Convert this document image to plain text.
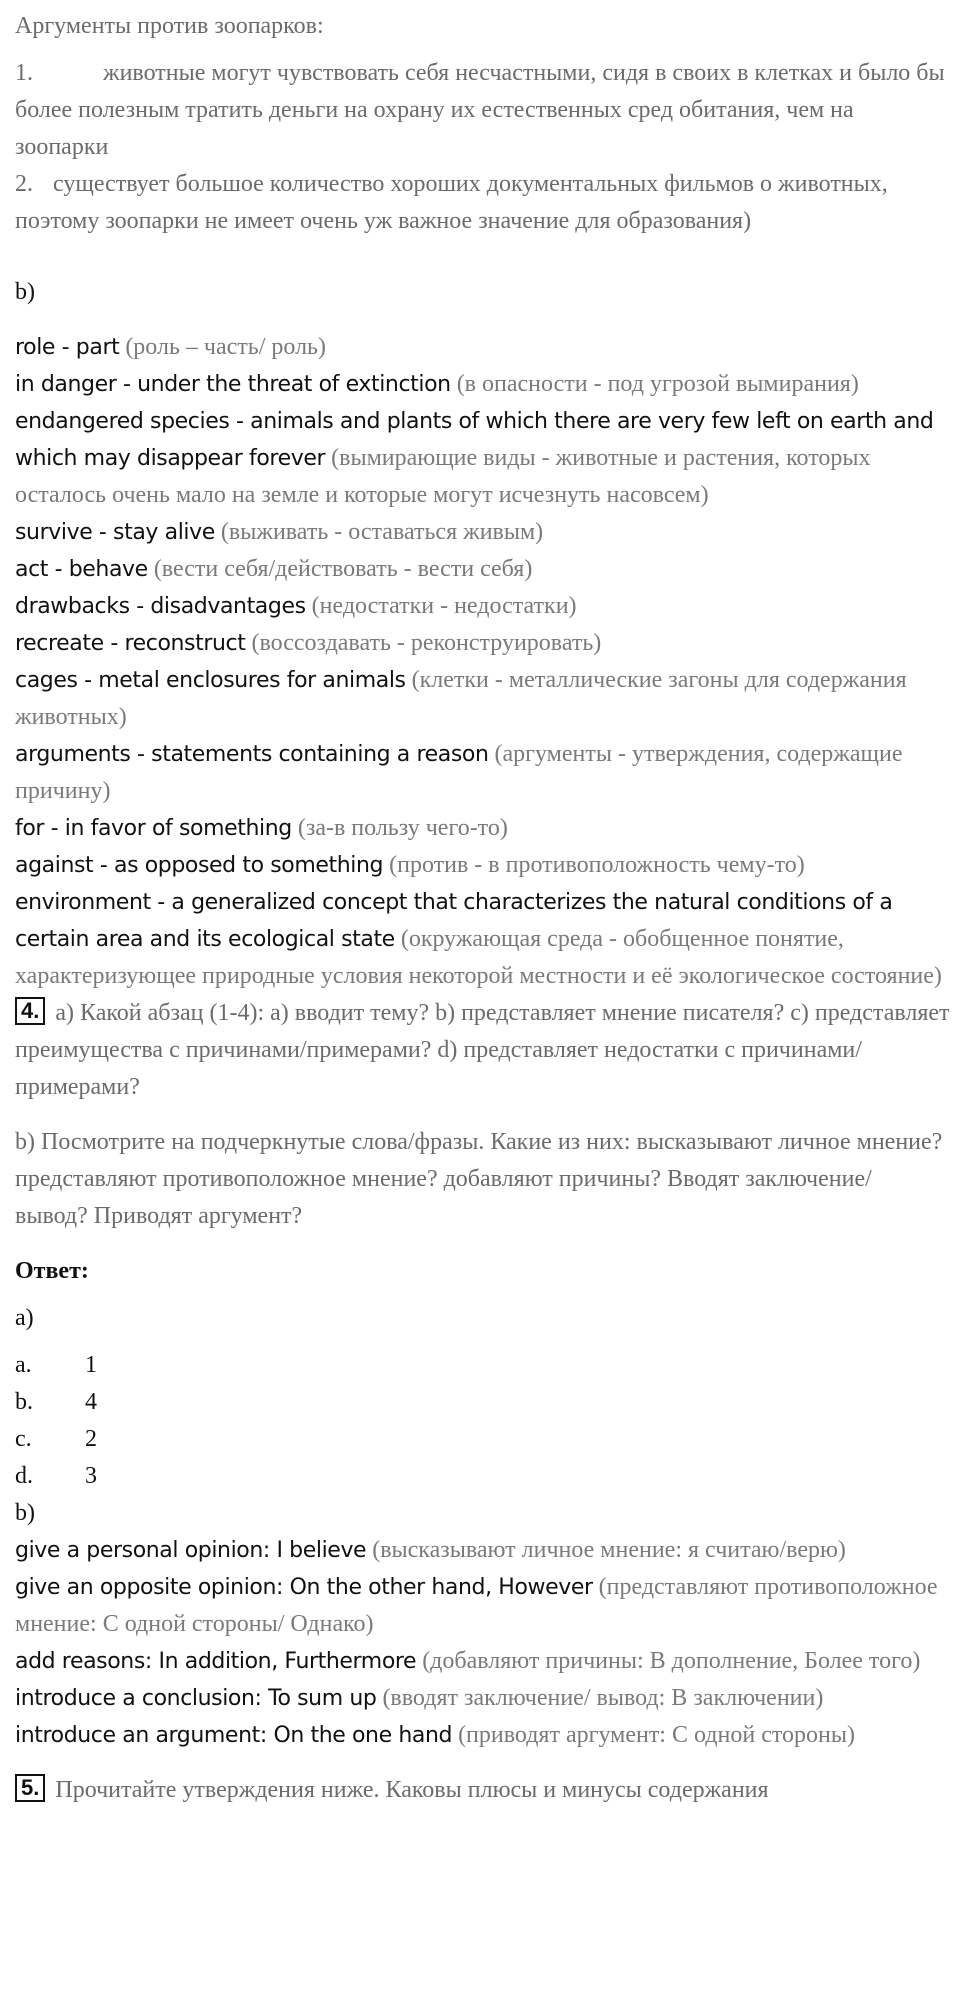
Аргументы против зоопарков:

1.	животные могут чувствовать себя несчастными, сидя в своих в клетках и было бы более полезным тратить деньги на охрану их естественных сред обитания, чем на зоопарки

2. существует большое количество хороших документальных фильмов о животных, поэтому зоопарки не имеет очень уж важное значение для образования)

b)

role - part (роль – часть/ роль)

in danger - under the threat of extinction (в опасности - под угрозой вымирания)

endangered species - animals and plants of which there are very few left on earth and which may disappear forever (вымирающие виды - животные и растения, которых осталось очень мало на земле и которые могут исчезнуть насовсем)

survive - stay alive (выживать - оставаться живым)

act - behave (вести себя/действовать - вести себя)

drawbacks - disadvantages (недостатки - недостатки)

recreate - reconstruct (воссоздавать - реконструировать)

cages - metal enclosures for animals (клетки - металлические загоны для содержания животных)

arguments - statements containing a reason (аргументы - утверждения, содержащие причину)

for - in favor of something (за-в пользу чего-то)

against - as opposed to something (против - в противоположность чему-то)

environment - a generalized concept that characterizes the natural conditions of a certain area and its ecological state (окружающая среда - обобщенное понятие, характеризующее природные условия некоторой местности и её экологическое состояние)

4. a) Какой абзац (1-4): a) вводит тему? b) представляет мнение писателя? c) представляет преимущества с причинами/примерами? d) представляет недостатки с причинами/примерами?

b) Посмотрите на подчеркнутые слова/фразы. Какие из них: высказывают личное мнение? представляют противоположное мнение? добавляют причины? Вводят заключение/ вывод? Приводят аргумент?

Ответ:

a)

a. 1

b. 4

c. 2

d. 3

b)

give a personal opinion: I believe (высказывают личное мнение: я считаю/верю)

give an opposite opinion: On the other hand, However (представляют противоположное мнение: С одной стороны/ Однако)

add reasons: In addition, Furthermore (добавляют причины: В дополнение, Более того)

introduce a conclusion: To sum up (вводят заключение/ вывод: В заключении)

introduce an argument: On the one hand (приводят аргумент: С одной стороны)

5. Прочитайте утверждения ниже. Каковы плюсы и минусы содержания
